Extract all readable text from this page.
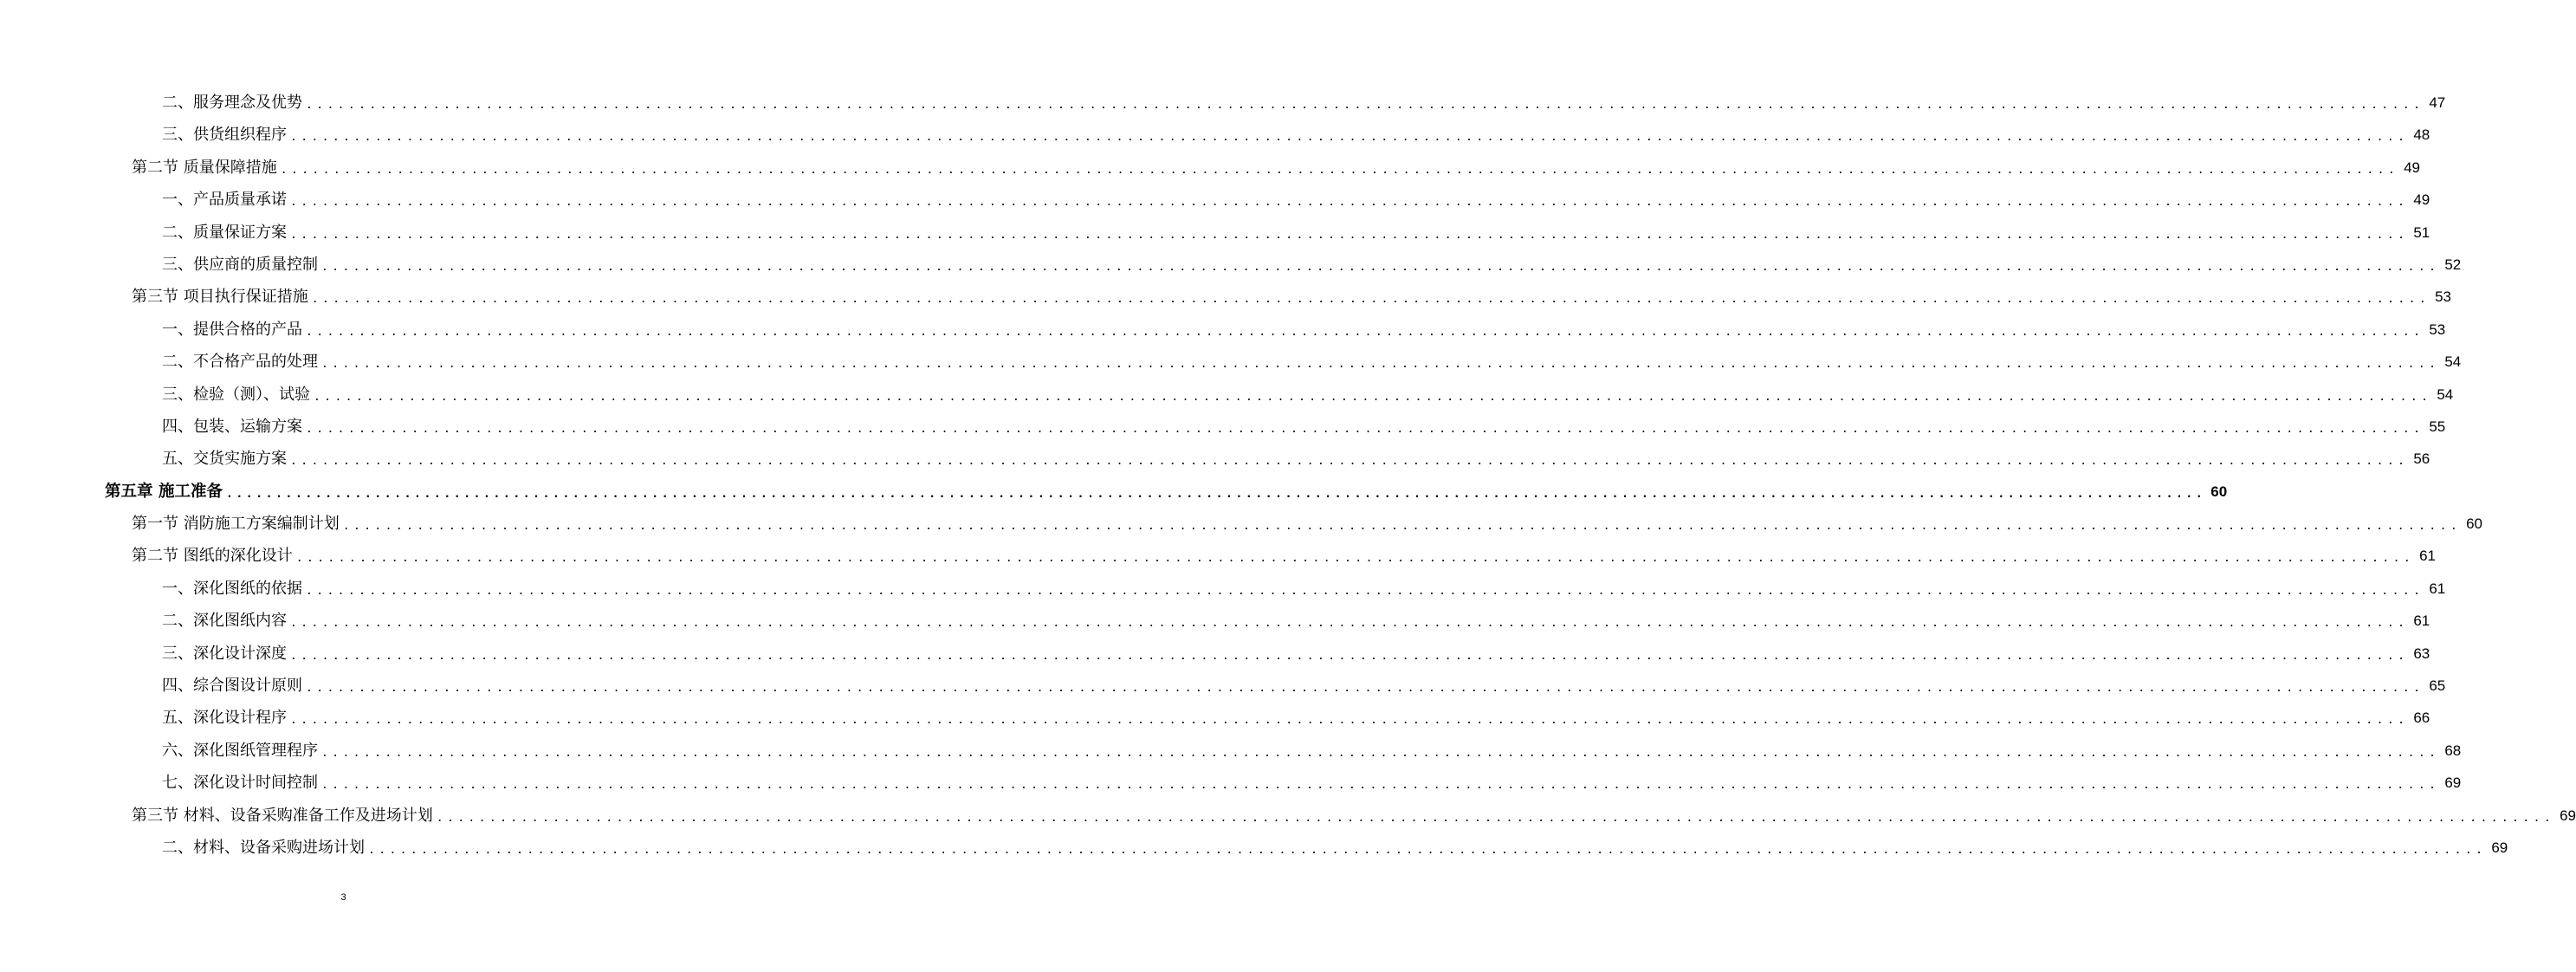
二、服务理念及优势 ........................................................................................................................................................................................................ 47
三、供货组织程序 ........................................................................................................................................................................................................ 48
第二节 质量保障措施 ........................................................................................................................................................................................................ 49
一、产品质量承诺 ........................................................................................................................................................................................................ 49
二、质量保证方案 ........................................................................................................................................................................................................ 51
三、供应商的质量控制 ........................................................................................................................................................................................................ 52
第三节 项目执行保证措施 ........................................................................................................................................................................................................ 53
一、提供合格的产品 ........................................................................................................................................................................................................ 53
二、不合格产品的处理 ........................................................................................................................................................................................................ 54
三、检验（测）、试验 ........................................................................................................................................................................................................ 54
四、包装、运输方案 ........................................................................................................................................................................................................ 55
五、交货实施方案 ........................................................................................................................................................................................................ 56
第五章 施工准备 ........................................................................................................................................................................................................ 60
第一节 消防施工方案编制计划 ........................................................................................................................................................................................................ 60
第二节 图纸的深化设计 ........................................................................................................................................................................................................ 61
一、深化图纸的依据 ........................................................................................................................................................................................................ 61
二、深化图纸内容 ........................................................................................................................................................................................................ 61
三、深化设计深度 ........................................................................................................................................................................................................ 63
四、综合图设计原则 ........................................................................................................................................................................................................ 65
五、深化设计程序 ........................................................................................................................................................................................................ 66
六、深化图纸管理程序 ........................................................................................................................................................................................................ 68
七、深化设计时间控制 ........................................................................................................................................................................................................ 69
第三节 材料、设备采购准备工作及进场计划 ........................................................................................................................................................................................................ 69
二、材料、设备采购进场计划 ........................................................................................................................................................................................................ 69
3
